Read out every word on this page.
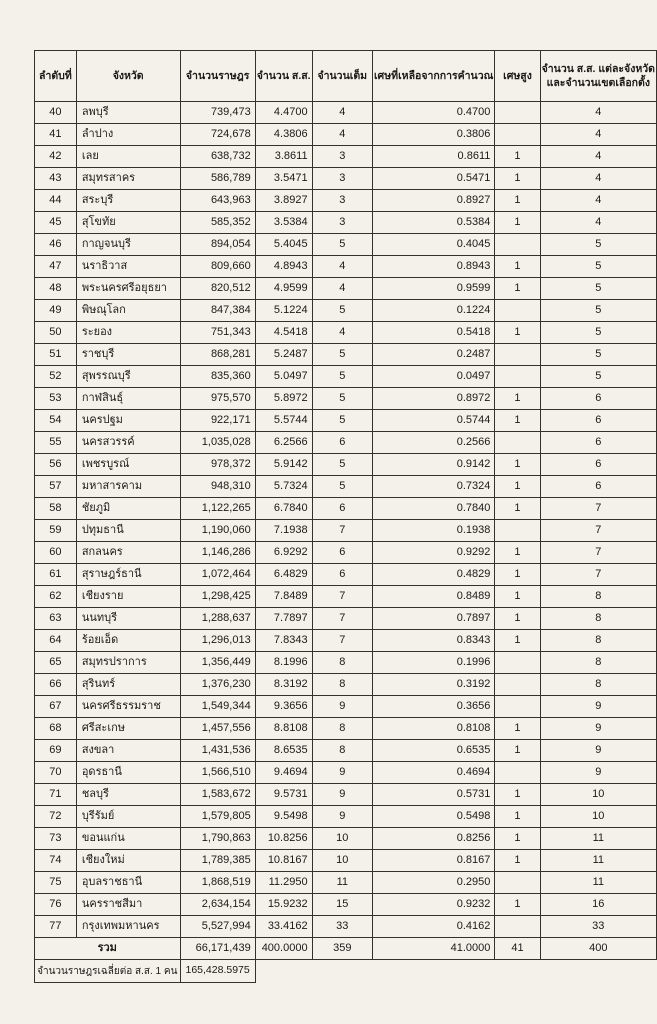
ลำดับที่	จังหวัด	จำนวนราษฎร	จำนวน ส.ส.	จำนวนเต็ม	เศษที่เหลือจากการคำนวณ	เศษสูง	จำนวน ส.ส. แต่ละจังหวัด
และจำนวนเขตเลือกตั้ง

40	ลพบุรี	739,473	4.4700	4	0.4700		4
41	ลำปาง	724,678	4.3806	4	0.3806		4
42	เลย	638,732	3.8611	3	0.8611	1	4
43	สมุทรสาคร	586,789	3.5471	3	0.5471	1	4
44	สระบุรี	643,963	3.8927	3	0.8927	1	4
45	สุโขทัย	585,352	3.5384	3	0.5384	1	4
46	กาญจนบุรี	894,054	5.4045	5	0.4045		5
47	นราธิวาส	809,660	4.8943	4	0.8943	1	5
48	พระนครศรีอยุธยา	820,512	4.9599	4	0.9599	1	5
49	พิษณุโลก	847,384	5.1224	5	0.1224		5
50	ระยอง	751,343	4.5418	4	0.5418	1	5
51	ราชบุรี	868,281	5.2487	5	0.2487		5
52	สุพรรณบุรี	835,360	5.0497	5	0.0497		5
53	กาฬสินธุ์	975,570	5.8972	5	0.8972	1	6
54	นครปฐม	922,171	5.5744	5	0.5744	1	6
55	นครสวรรค์	1,035,028	6.2566	6	0.2566		6
56	เพชรบูรณ์	978,372	5.9142	5	0.9142	1	6
57	มหาสารคาม	948,310	5.7324	5	0.7324	1	6
58	ชัยภูมิ	1,122,265	6.7840	6	0.7840	1	7
59	ปทุมธานี	1,190,060	7.1938	7	0.1938		7
60	สกลนคร	1,146,286	6.9292	6	0.9292	1	7
61	สุราษฎร์ธานี	1,072,464	6.4829	6	0.4829	1	7
62	เชียงราย	1,298,425	7.8489	7	0.8489	1	8
63	นนทบุรี	1,288,637	7.7897	7	0.7897	1	8
64	ร้อยเอ็ด	1,296,013	7.8343	7	0.8343	1	8
65	สมุทรปราการ	1,356,449	8.1996	8	0.1996		8
66	สุรินทร์	1,376,230	8.3192	8	0.3192		8
67	นครศรีธรรมราช	1,549,344	9.3656	9	0.3656		9
68	ศรีสะเกษ	1,457,556	8.8108	8	0.8108	1	9
69	สงขลา	1,431,536	8.6535	8	0.6535	1	9
70	อุดรธานี	1,566,510	9.4694	9	0.4694		9
71	ชลบุรี	1,583,672	9.5731	9	0.5731	1	10
72	บุรีรัมย์	1,579,805	9.5498	9	0.5498	1	10
73	ขอนแก่น	1,790,863	10.8256	10	0.8256	1	11
74	เชียงใหม่	1,789,385	10.8167	10	0.8167	1	11
75	อุบลราชธานี	1,868,519	11.2950	11	0.2950		11
76	นครราชสีมา	2,634,154	15.9232	15	0.9232	1	16
77	กรุงเทพมหานคร	5,527,994	33.4162	33	0.4162		33
รวม		66,171,439	400.0000	359	41.0000	41	400
จำนวนราษฎรเฉลี่ยต่อ ส.ส. 1 คน		165,428.5975					
